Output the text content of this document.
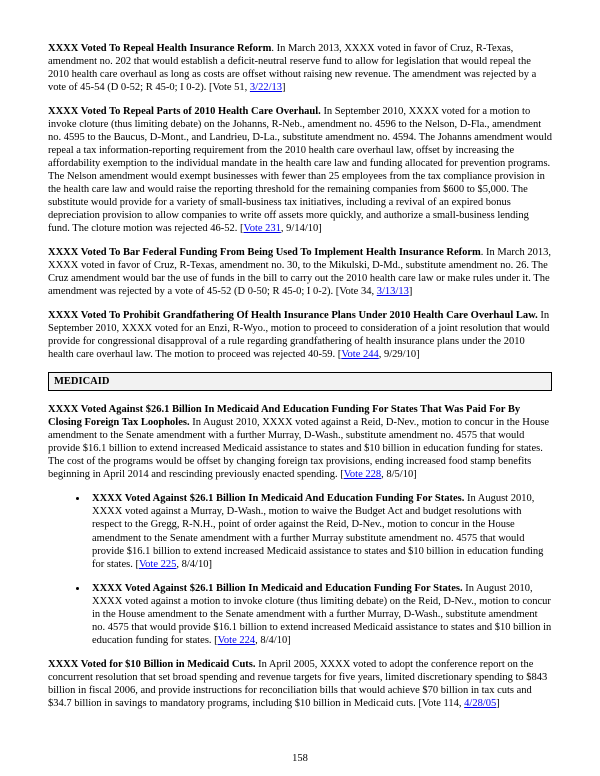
XXXX Voted To Repeal Health Insurance Reform. In March 2013, XXXX voted in favor of Cruz, R-Texas, amendment no. 202 that would establish a deficit-neutral reserve fund to allow for legislation that would repeal the 2010 health care overhaul as long as costs are offset without raising new revenue. The amendment was rejected by a vote of 45-54 (D 0-52; R 45-0; I 0-2). [Vote 51, 3/22/13]

XXXX Voted To Repeal Parts of 2010 Health Care Overhaul. In September 2010, XXXX voted for a motion to invoke cloture (thus limiting debate) on the Johanns, R-Neb., amendment no. 4596 to the Nelson, D-Fla., amendment no. 4595 to the Baucus, D-Mont., and Landrieu, D-La., substitute amendment no. 4594. The Johanns amendment would repeal a tax information-reporting requirement from the 2010 health care overhaul law, offset by increasing the affordability exemption to the individual mandate in the health care law and funding allocated for prevention programs. The Nelson amendment would exempt businesses with fewer than 25 employees from the tax compliance provision in the health care law and would raise the reporting threshold for the remaining companies from $600 to $5,000. The substitute would provide for a variety of small-business tax initiatives, including a revival of an expired bonus depreciation provision to allow companies to write off assets more quickly, and authorize a small-business lending fund. The cloture motion was rejected 46-52. [Vote 231, 9/14/10]

XXXX Voted To Bar Federal Funding From Being Used To Implement Health Insurance Reform. In March 2013, XXXX voted in favor of Cruz, R-Texas, amendment no. 30, to the Mikulski, D-Md., substitute amendment no. 26. The Cruz amendment would bar the use of funds in the bill to carry out the 2010 health care law or make rules under it. The amendment was rejected by a vote of 45-52 (D 0-50; R 45-0; I 0-2). [Vote 34, 3/13/13]

XXXX Voted To Prohibit Grandfathering Of Health Insurance Plans Under 2010 Health Care Overhaul Law. In September 2010, XXXX voted for an Enzi, R-Wyo., motion to proceed to consideration of a joint resolution that would provide for congressional disapproval of a rule regarding grandfathering of health insurance plans under the 2010 health care overhaul law. The motion to proceed was rejected 40-59. [Vote 244, 9/29/10]

MEDICAID

XXXX Voted Against $26.1 Billion In Medicaid And Education Funding For States That Was Paid For By Closing Foreign Tax Loopholes. In August 2010, XXXX voted against a Reid, D-Nev., motion to concur in the House amendment to the Senate amendment with a further Murray, D-Wash., substitute amendment no. 4575 that would provide $16.1 billion to extend increased Medicaid assistance to states and $10 billion in education funding for states. The cost of the programs would be offset by changing foreign tax provisions, ending increased food stamp benefits beginning in April 2014 and rescinding previously enacted spending. [Vote 228, 8/5/10]

• XXXX Voted Against $26.1 Billion In Medicaid And Education Funding For States. In August 2010, XXXX voted against a Murray, D-Wash., motion to waive the Budget Act and budget resolutions with respect to the Gregg, R-N.H., point of order against the Reid, D-Nev., motion to concur in the House amendment to the Senate amendment with a further Murray substitute amendment no. 4575 that would provide $16.1 billion to extend increased Medicaid assistance to states and $10 billion in education funding for states. [Vote 225, 8/4/10]
• XXXX Voted Against $26.1 Billion In Medicaid and Education Funding For States. In August 2010, XXXX voted against a motion to invoke cloture (thus limiting debate) on the Reid, D-Nev., motion to concur in the House amendment to the Senate amendment with a further Murray, D-Wash., substitute amendment no. 4575 that would provide $16.1 billion to extend increased Medicaid assistance to states and $10 billion in education funding for states. [Vote 224, 8/4/10]

XXXX Voted for $10 Billion in Medicaid Cuts. In April 2005, XXXX voted to adopt the conference report on the concurrent resolution that set broad spending and revenue targets for five years, limited discretionary spending to $843 billion in fiscal 2006, and provide instructions for reconciliation bills that would achieve $70 billion in tax cuts and $34.7 billion in savings to mandatory programs, including $10 billion in Medicaid cuts. [Vote 114, 4/28/05]

158
